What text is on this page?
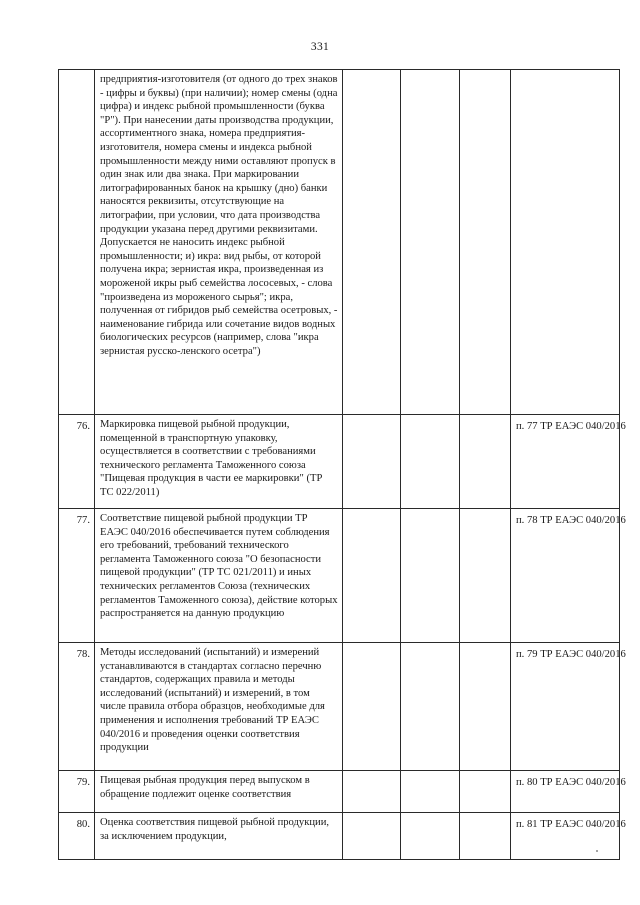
331
	предприятия-изготовителя (от одного до трех знаков - цифры и буквы) (при наличии); номер смены (одна цифра) и индекс рыбной промышленности (буква "Р"). При нанесении даты производства продукции, ассортиментного знака, номера предприятия-изготовителя, номера смены и индекса рыбной промышленности между ними оставляют пропуск в один знак или два знака. При маркировании литографированных банок на крышку (дно) банки наносятся реквизиты, отсутствующие на литографии, при условии, что дата производства продукции указана перед другими реквизитами. Допускается не наносить индекс рыбной промышленности; и) икра: вид рыбы, от которой получена икра; зернистая икра, произведенная из мороженой икры рыб семейства лососевых, - слова "произведена из мороженого сырья"; икра, полученная от гибридов рыб семейства осетровых, - наименование гибрида или сочетание видов водных биологических ресурсов (например, слова "икра зернистая русско-ленского осетра")				
76.	Маркировка пищевой рыбной продукции, помещенной в транспортную упаковку, осуществляется в соответствии с требованиями технического регламента Таможенного союза "Пищевая продукция в части ее маркировки" (ТР ТС 022/2011)				п. 77 ТР ЕАЭС 040/2016
77.	Соответствие пищевой рыбной продукции ТР ЕАЭС 040/2016 обеспечивается путем соблюдения его требований, требований технического регламента Таможенного союза "О безопасности пищевой продукции" (ТР ТС 021/2011) и иных технических регламентов Союза (технических регламентов Таможенного союза), действие которых распространяется на данную продукцию				п. 78 ТР ЕАЭС 040/2016
78.	Методы исследований (испытаний) и измерений устанавливаются в стандартах согласно перечню стандартов, содержащих правила и методы исследований (испытаний) и измерений, в том числе правила отбора образцов, необходимые для применения и исполнения требований ТР ЕАЭС 040/2016 и проведения оценки соответствия продукции				п. 79 ТР ЕАЭС 040/2016
79.	Пищевая рыбная продукция перед выпуском в обращение подлежит оценке соответствия				п. 80 ТР ЕАЭС 040/2016
80.	Оценка соответствия пищевой рыбной продукции, за исключением продукции,				п. 81 ТР ЕАЭС 040/2016
